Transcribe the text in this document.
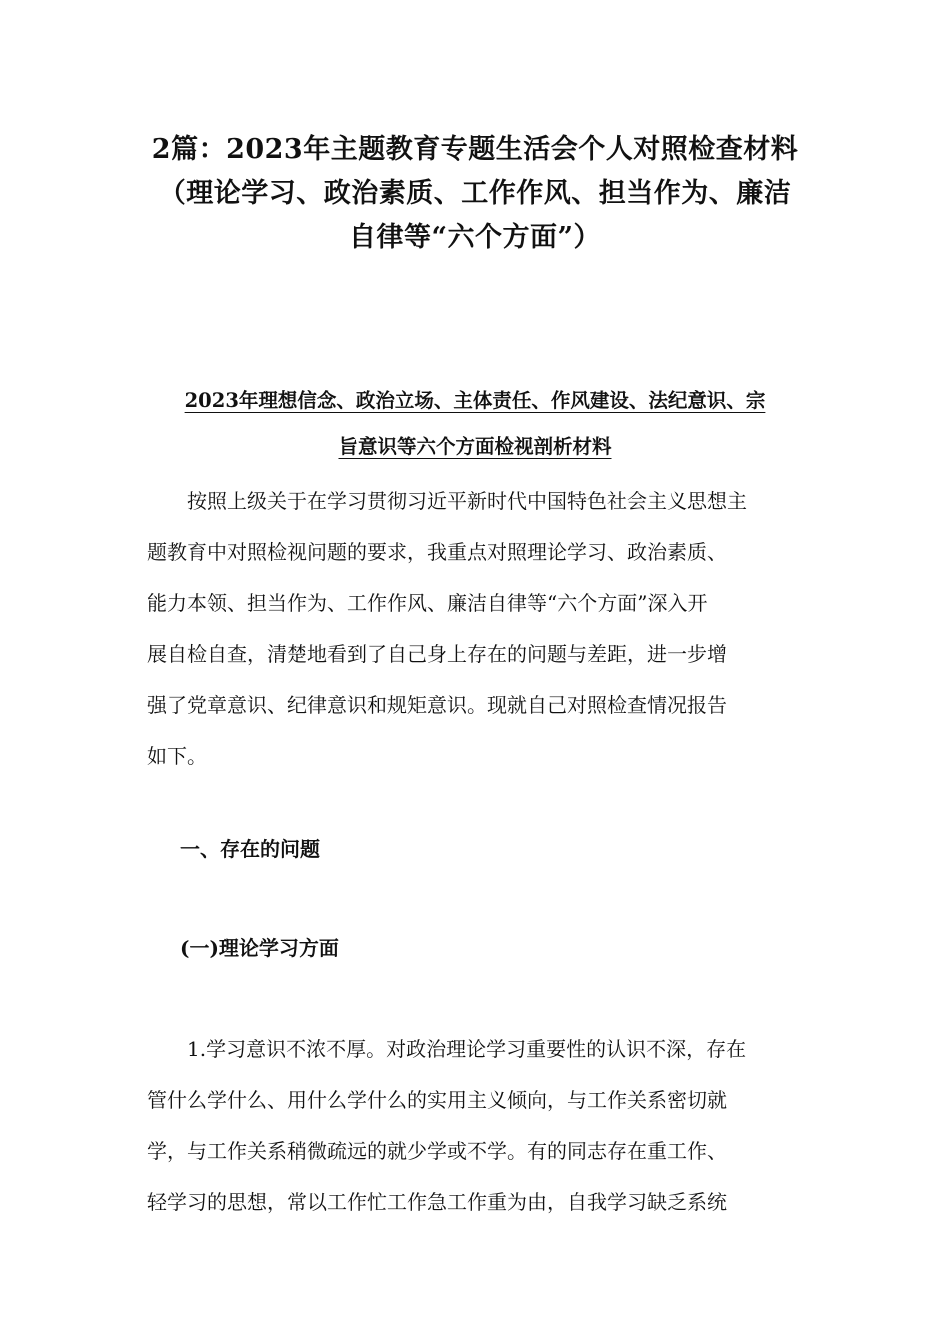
2篇：2023年主题教育专题生活会个人对照检查材料
（理论学习、政治素质、工作作风、担当作为、廉洁
自律等“六个方面”）
2023年理想信念、政治立场、主体责任、作风建设、法纪意识、宗
旨意识等六个方面检视剖析材料
　　按照上级关于在学习贯彻习近平新时代中国特色社会主义思想主
题教育中对照检视问题的要求，我重点对照理论学习、政治素质、
能力本领、担当作为、工作作风、廉洁自律等“六个方面”深入开
展自检自查，清楚地看到了自己身上存在的问题与差距，进一步增
强了党章意识、纪律意识和规矩意识。现就自己对照检查情况报告
如下。
一、存在的问题
(一)理论学习方面
　　1.学习意识不浓不厚。对政治理论学习重要性的认识不深，存在
管什么学什么、用什么学什么的实用主义倾向，与工作关系密切就
学，与工作关系稍微疏远的就少学或不学。有的同志存在重工作、
轻学习的思想，常以工作忙工作急工作重为由，自我学习缺乏系统
